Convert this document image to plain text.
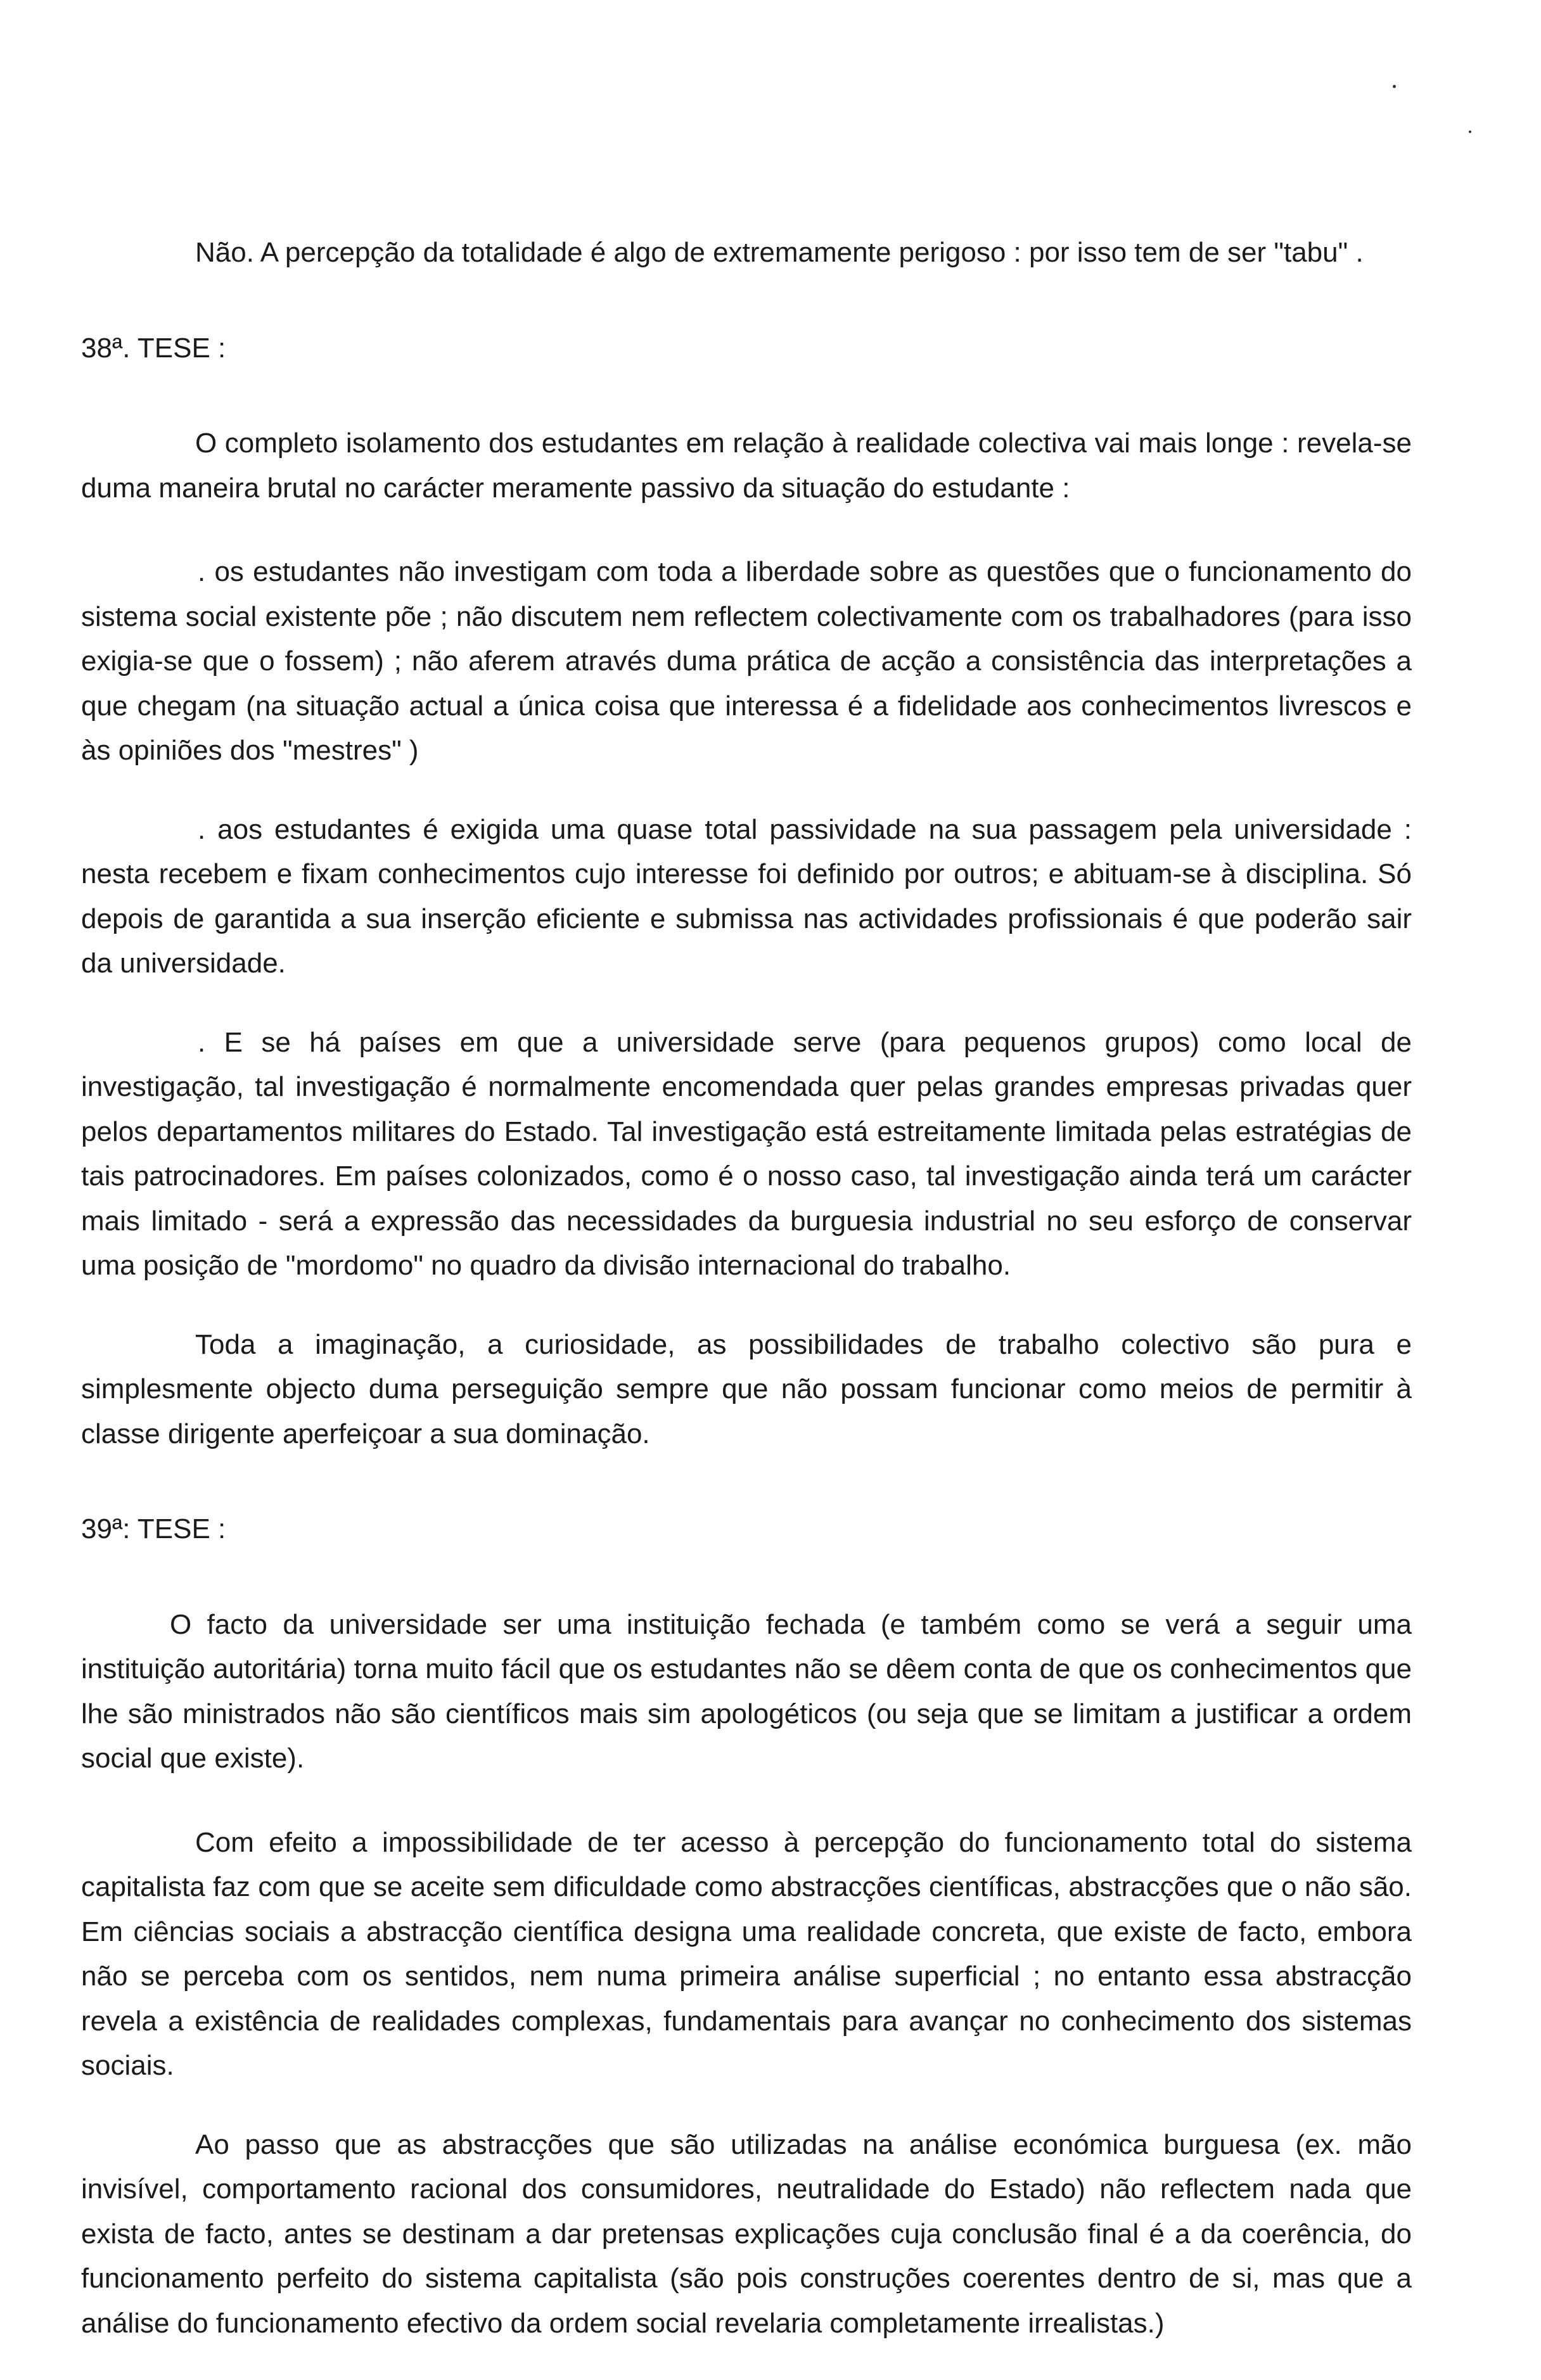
Não. A percepção da totalidade é algo de extremamente perigoso : por isso tem de ser "tabu" .

38ª. TESE :

O completo isolamento dos estudantes em relação à realidade colectiva vai mais longe : revela-se duma maneira brutal no carácter meramente passivo da situação do estudante :

. os estudantes não investigam com toda a liberdade sobre as questões que o funcionamento do sistema social existente põe ; não discutem nem reflectem colectivamente com os trabalhadores (para isso exigia-se que o fossem) ; não aferem através duma prática de acção a consistência das interpretações a que chegam (na situação actual a única coisa que interessa é a fidelidade aos conhecimentos livrescos e às opiniões dos "mestres" )

. aos estudantes é exigida uma quase total passividade na sua passagem pela universidade : nesta recebem e fixam conhecimentos cujo interesse foi definido por outros; e abituam-se à disciplina. Só depois de garantida a sua inserção eficiente e submissa nas actividades profissionais é que poderão sair da universidade.

. E se há países em que a universidade serve (para pequenos grupos) como local de investigação, tal investigação é normalmente encomendada quer pelas grandes empresas privadas quer pelos departamentos militares do Estado. Tal investigação está estreitamente limitada pelas estratégias de tais patrocinadores. Em países colonizados, como é o nosso caso, tal investigação ainda terá um carácter mais limitado - será a expressão das necessidades da burguesia industrial no seu esforço de conservar uma posição de "mordomo" no quadro da divisão internacional do trabalho.

Toda a imaginação, a curiosidade, as possibilidades de trabalho colectivo são pura e simplesmente objecto duma perseguição sempre que não possam funcionar como meios de permitir à classe dirigente aperfeiçoar a sua dominação.

39ª: TESE :

O facto da universidade ser uma instituição fechada (e também como se verá a seguir uma instituição autoritária) torna muito fácil que os estudantes não se dêem conta de que os conhecimentos que lhe são ministrados não são científicos mais sim apologéticos (ou seja que se limitam a justificar a ordem social que existe).

Com efeito a impossibilidade de ter acesso à percepção do funcionamento total do sistema capitalista faz com que se aceite sem dificuldade como abstracções científicas, abstracções que o não são. Em ciências sociais a abstracção científica designa uma realidade concreta, que existe de facto, embora não se perceba com os sentidos, nem numa primeira análise superficial ; no entanto essa abstracção revela a existência de realidades complexas, fundamentais para avançar no conhecimento dos sistemas sociais.

Ao passo que as abstracções que são utilizadas na análise económica burguesa (ex. mão invisível, comportamento racional dos consumidores, neutralidade do Estado) não reflectem nada que exista de facto, antes se destinam a dar pretensas explicações cuja conclusão final é a da coerência, do funcionamento perfeito do sistema capitalista (são pois construções coerentes dentro de si, mas que a análise do funcionamento efectivo da ordem social revelaria completamente irrealistas.)
